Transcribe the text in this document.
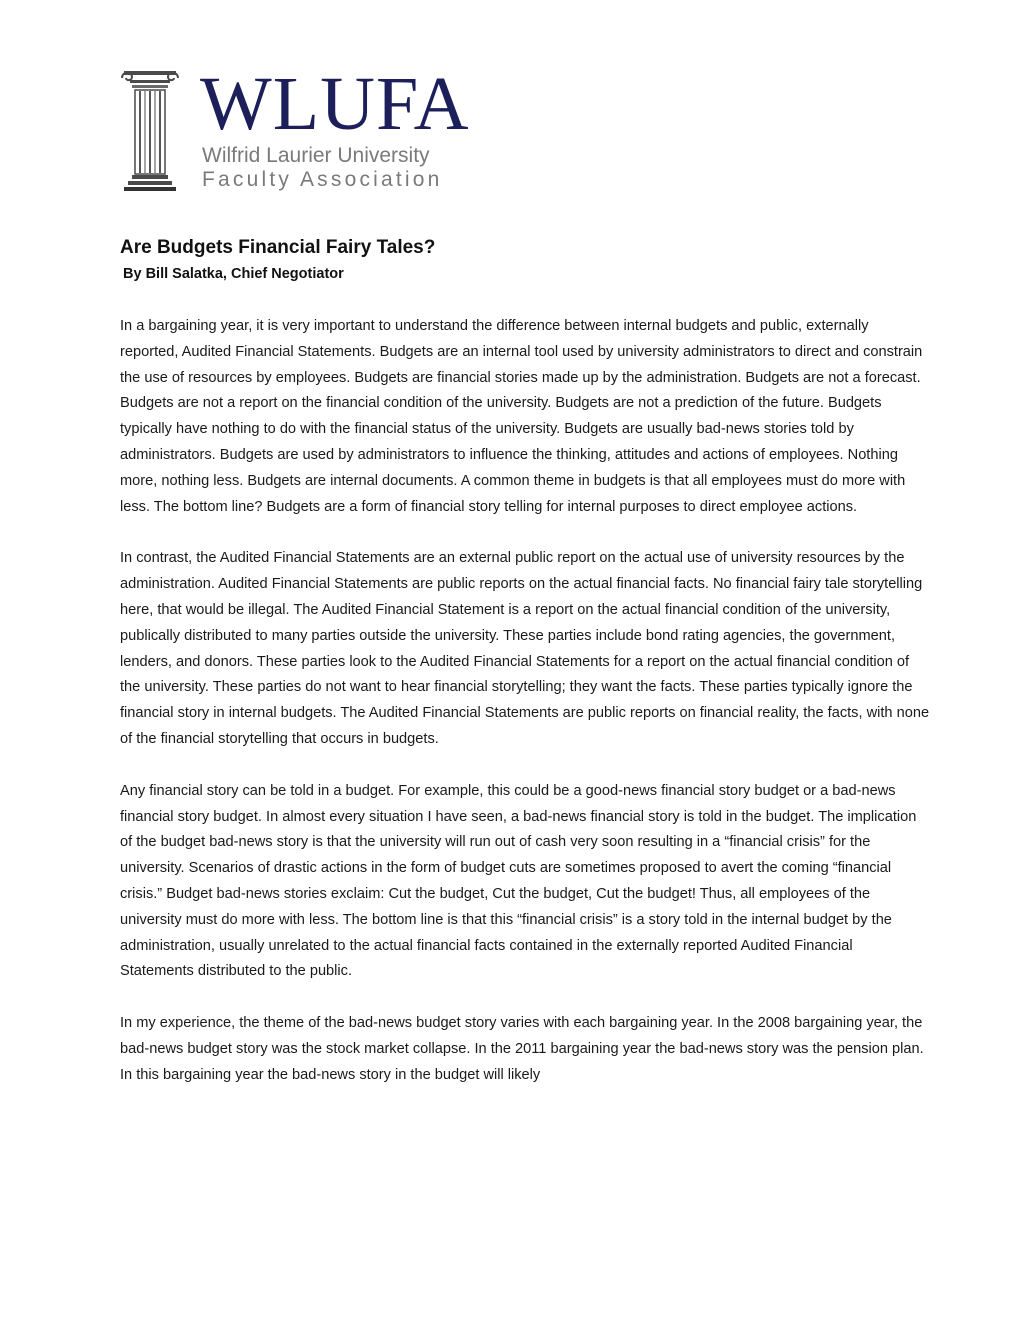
WLUFA
Wilfrid Laurier University
Faculty Association
Are Budgets Financial Fairy Tales?

By Bill Salatka, Chief Negotiator

In a bargaining year, it is very important to understand the difference between internal budgets and public, externally reported, Audited Financial Statements. Budgets are an internal tool used by university administrators to direct and constrain the use of resources by employees. Budgets are financial stories made up by the administration. Budgets are not a forecast. Budgets are not a report on the financial condition of the university. Budgets are not a prediction of the future. Budgets typically have nothing to do with the financial status of the university. Budgets are usually bad-news stories told by administrators. Budgets are used by administrators to influence the thinking, attitudes and actions of employees. Nothing more, nothing less. Budgets are internal documents. A common theme in budgets is that all employees must do more with less. The bottom line? Budgets are a form of financial story telling for internal purposes to direct employee actions.

In contrast, the Audited Financial Statements are an external public report on the actual use of university resources by the administration. Audited Financial Statements are public reports on the actual financial facts. No financial fairy tale storytelling here, that would be illegal. The Audited Financial Statement is a report on the actual financial condition of the university, publically distributed to many parties outside the university. These parties include bond rating agencies, the government, lenders, and donors. These parties look to the Audited Financial Statements for a report on the actual financial condition of the university. These parties do not want to hear financial storytelling; they want the facts. These parties typically ignore the financial story in internal budgets. The Audited Financial Statements are public reports on financial reality, the facts, with none of the financial storytelling that occurs in budgets.

Any financial story can be told in a budget. For example, this could be a good-news financial story budget or a bad-news financial story budget. In almost every situation I have seen, a bad-news financial story is told in the budget. The implication of the budget bad-news story is that the university will run out of cash very soon resulting in a “financial crisis” for the university. Scenarios of drastic actions in the form of budget cuts are sometimes proposed to avert the coming “financial crisis.” Budget bad-news stories exclaim: Cut the budget, Cut the budget, Cut the budget! Thus, all employees of the university must do more with less. The bottom line is that this “financial crisis” is a story told in the internal budget by the administration, usually unrelated to the actual financial facts contained in the externally reported Audited Financial Statements distributed to the public.

In my experience, the theme of the bad-news budget story varies with each bargaining year. In the 2008 bargaining year, the bad-news budget story was the stock market collapse. In the 2011 bargaining year the bad-news story was the pension plan. In this bargaining year the bad-news story in the budget will likely
